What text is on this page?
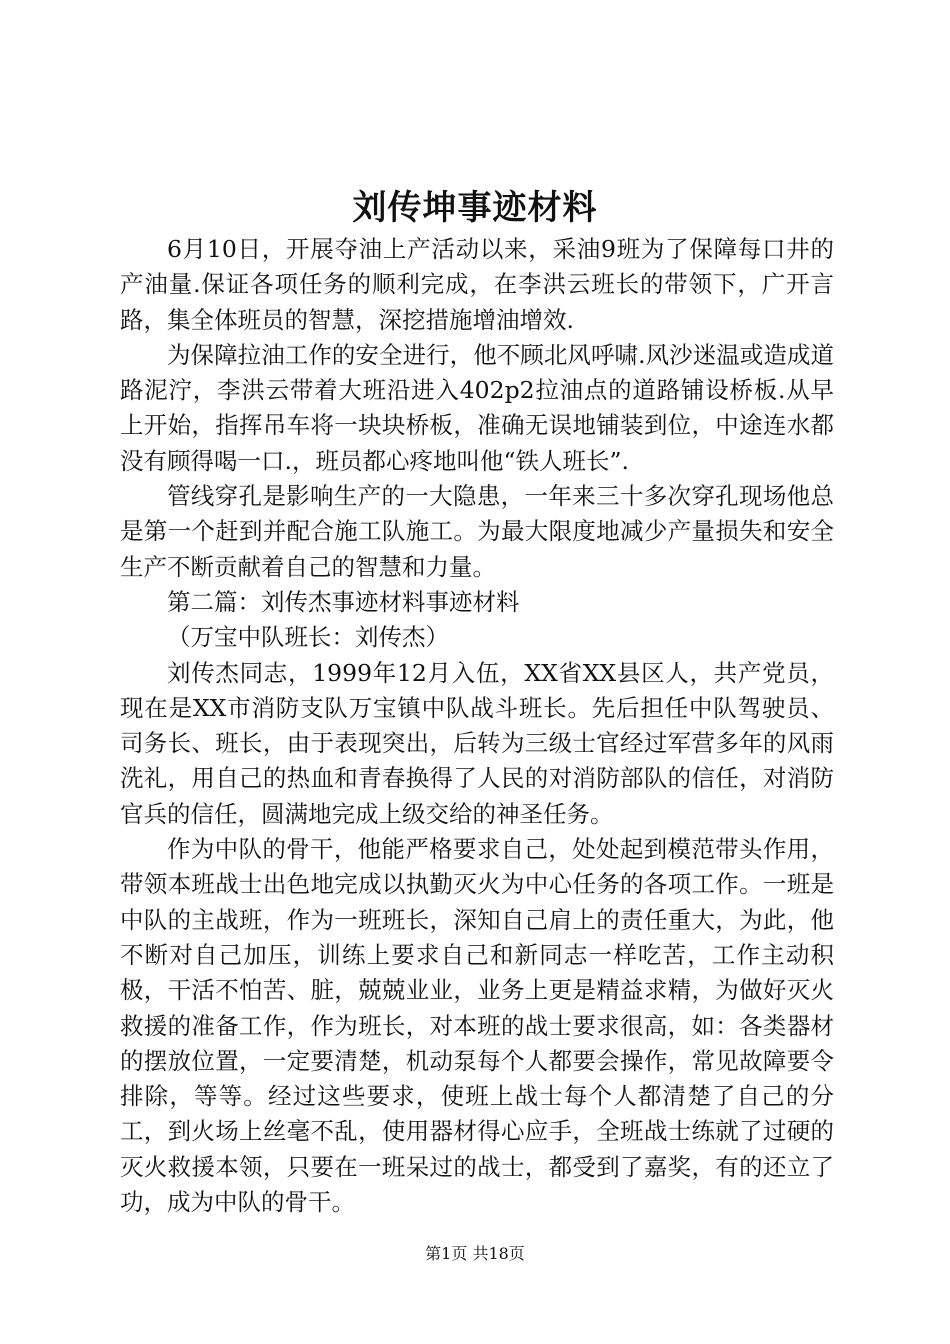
刘传坤事迹材料

6月10日，开展夺油上产活动以来，采油9班为了保障每口井的产油量.保证各项任务的顺利完成，在李洪云班长的带领下，广开言路，集全体班员的智慧，深挖措施增油增效.

为保障拉油工作的安全进行，他不顾北风呼啸.风沙迷温或造成道路泥泞，李洪云带着大班沿进入402p2拉油点的道路铺设桥板.从早上开始，指挥吊车将一块块桥板，准确无误地铺装到位，中途连水都没有顾得喝一口.，班员都心疼地叫他“铁人班长”.

管线穿孔是影响生产的一大隐患，一年来三十多次穿孔现场他总是第一个赶到并配合施工队施工。为最大限度地减少产量损失和安全生产不断贡献着自己的智慧和力量。

第二篇：刘传杰事迹材料事迹材料

（万宝中队班长：刘传杰）

刘传杰同志，1999年12月入伍，XX省XX县区人，共产党员，现在是XX市消防支队万宝镇中队战斗班长。先后担任中队驾驶员、司务长、班长，由于表现突出，后转为三级士官经过军营多年的风雨洗礼，用自己的热血和青春换得了人民的对消防部队的信任，对消防官兵的信任，圆满地完成上级交给的神圣任务。

作为中队的骨干，他能严格要求自己，处处起到模范带头作用，带领本班战士出色地完成以执勤灭火为中心任务的各项工作。一班是中队的主战班，作为一班班长，深知自己肩上的责任重大，为此，他不断对自己加压，训练上要求自己和新同志一样吃苦，工作主动积极，干活不怕苦、脏，兢兢业业，业务上更是精益求精，为做好灭火救援的准备工作，作为班长，对本班的战士要求很高，如：各类器材的摆放位置，一定要清楚，机动泵每个人都要会操作，常见故障要令排除，等等。经过这些要求，使班上战士每个人都清楚了自己的分工，到火场上丝毫不乱，使用器材得心应手，全班战士练就了过硬的灭火救援本领，只要在一班呆过的战士，都受到了嘉奖，有的还立了功，成为中队的骨干。

第1页 共18页
